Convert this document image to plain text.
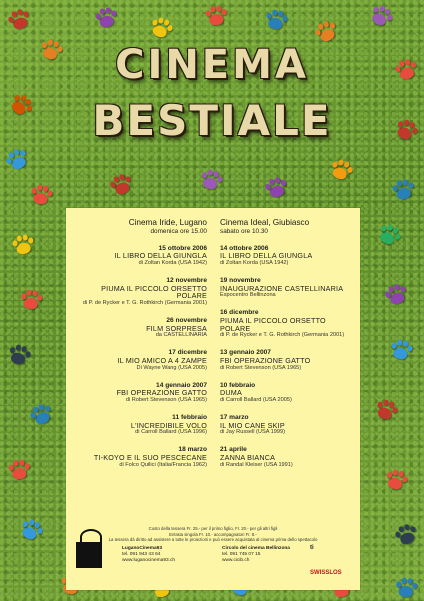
CINEMA
BESTIALE
Cinema Iride, Lugano
domenica ore 15.00
15 ottobre 2006
IL LIBRO DELLA GIUNGLA
di Zoltan Korda (USA 1942)
12 novembre
PIUMA IL PICCOLO ORSETTO POLARE
di P. de Rycker e T. G. Rothkirch (Germania 2001)
26 novembre
FILM SORPRESA
da CASTELLINARIA
17 dicembre
IL MIO AMICO A 4 ZAMPE
Di Wayne Wang (USA 2005)
14 gennaio 2007
FBI OPERAZIONE GATTO
di Robert Stevenson (USA 1965)
11 febbraio
L'INCREDIBILE VOLO
di Carroll Ballard (USA 1996)
18 marzo
TI-KOYO E IL SUO PESCECANE
di Folco Quilici (Italia/Francia 1962)
Cinema Ideal, Giubiasco
sabato ore 10.30
14 ottobre 2006
IL LIBRO DELLA GIUNGLA
di Zoltan Korda (USA 1942)
19 novembre
INAUGURAZIONE CASTELLINARIA
Espocentro Bellinzona
16 dicembre
PIUMA IL PICCOLO ORSETTO POLARE
di P. de Rycker e T. G. Rothkirch (Germania 2001)
13 gennaio 2007
FBI OPERAZIONE GATTO
di Robert Stevenson (USA 1965)
10 febbraio
DUMA
di Carroll Ballard (USA 2005)
17 marzo
IL MIO CANE SKIP
di Jay Russell (USA 1999)
21 aprile
ZANNA BIANCA
di Randal Kleiser (USA 1991)
Costo della tessera Fr. 25.- per il primo figlio, Fr. 20.- per gli altri figli
Entrata singola Fr. 10.- accompagnatori Fr. 8.-
La tessera dà diritto ad assistere a tutte le proiezioni e può essere acquistata al cinema prima dello spettacolo
LuganoCinema93
tel. 091 943 43 64
www.luganocinema93.ch
Circolo del cinema Bellinzona
tel. 091 745 07 15
www.cicib.ch
ti
SWISSLOS
